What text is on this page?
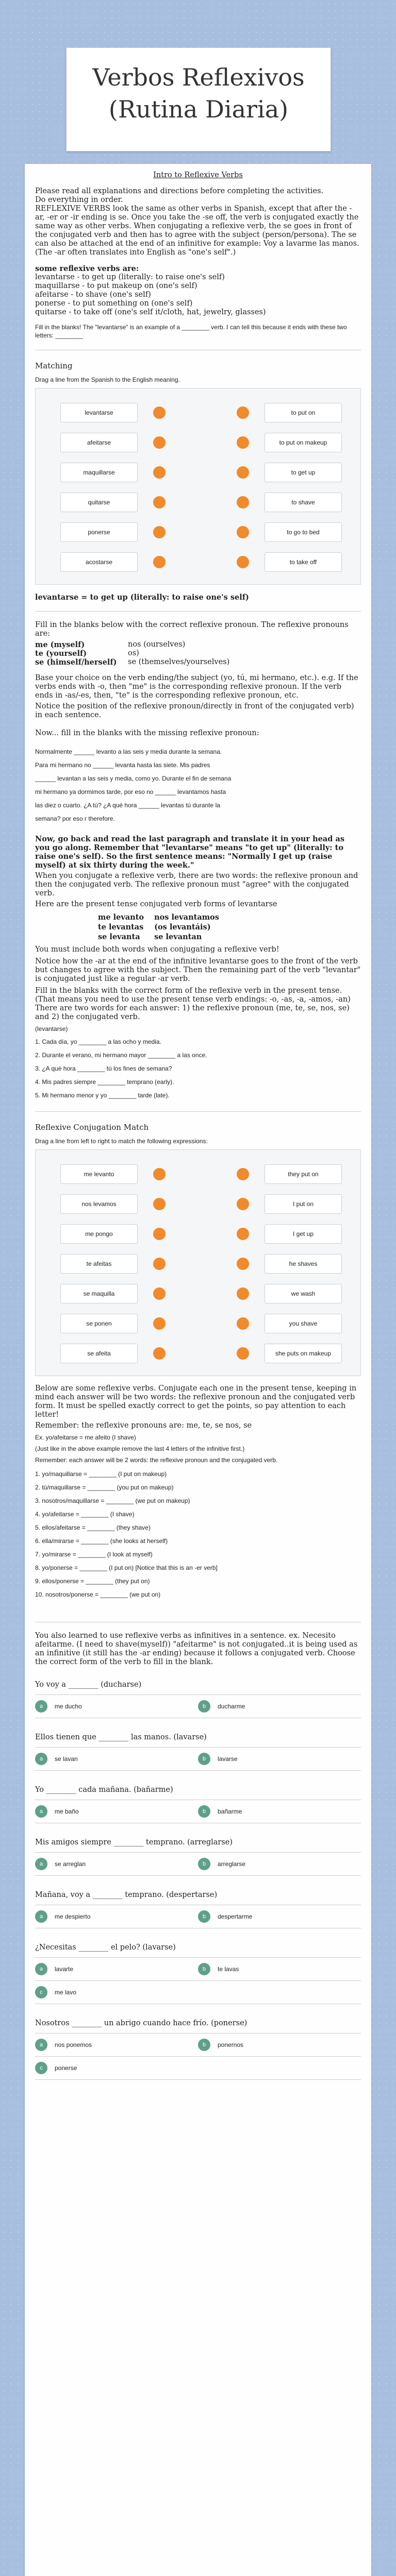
Verbos Reflexivos (Rutina Diaria)
Intro to Reflexive Verbs
Please read all explanations and directions before completing the activities.
Do everything in order.
REFLEXIVE VERBS look the same as other verbs in Spanish, except that after the -ar, -er or -ir ending is se. Once you take the -se off, the verb is conjugated exactly the same way as other verbs. When conjugating a reflexive verb, the se goes in front of the conjugated verb and then has to agree with the subject (person/persona). The se can also be attached at the end of an infinitive for example: Voy a lavarme las manos. (The -ar often translates into English as "one's self".)
some reflexive verbs are:
levantarse - to get up (literally: to raise one's self)
maquillarse - to put makeup on (one's self)
afeitarse - to shave (one's self)
ponerse - to put something on (one's self)
quitarse - to take off (one's self it/cloth, hat, jewelry, glasses)
Fill in the blanks! The "levantarse" is an example of a ________ verb. I can tell this because it ends with these two letters: ________
Matching
Drag a line from the Spanish to the English meaning.
levantarse	to put on
afeitarse	to put on makeup
maquillarse	to get up
quitarse	to shave
ponerse	to go to bed
acostarse	to take off
levantarse = to get up (literally: to raise one's self)
Fill in the blanks below with the correct reflexive pronoun. The reflexive pronouns are:
me (myself)	nos (ourselves)
te (yourself)	os)
se (himself/herself)	se (themselves/yourselves)
Base your choice on the verb ending/the subject (yo, tú, mi hermano, etc.). e.g. If the verbs ends with -o, then "me" is the corresponding reflexive pronoun. If the verb ends in -as/-es, then, "te" is the corresponding reflexive pronoun, etc.
Notice the position of the reflexive pronoun/directly in front of the conjugated verb) in each sentence.
Now... fill in the blanks with the missing reflexive pronoun:
Normalmente ______ levanto a las seis y media durante la semana.
Para mi hermano no ______ levanta hasta las siete. Mis padres
______ levantan a las seis y media, como yo. Durante el fin de semana
mi hermano ya dormimos tarde, por eso no ______ levantamos hasta
las diez o cuarto. ¿A tú? ¿A qué hora ______ levantas tú durante la
semana? por eso r therefore.
Now, go back and read the last paragraph and translate it in your head as you go along. Remember that "levantarse" means "to get up" (literally: to raise one's self). So the first sentence means: "Normally I get up (raise myself) at six thirty during the week."
When you conjugate a reflexive verb, there are two words: the reflexive pronoun and then the conjugated verb. The reflexive pronoun must "agree" with the conjugated verb.
Here are the present tense conjugated verb forms of levantarse
me levanto	nos levantamos
te levantas	(os levantáis)
se levanta	se levantan
You must include both words when conjugating a reflexive verb!
Notice how the -ar at the end of the infinitive levantarse goes to the front of the verb but changes to agree with the subject. Then the remaining part of the verb "levantar" is conjugated just like a regular -ar verb.
Fill in the blanks with the correct form of the reflexive verb in the present tense. (That means you need to use the present tense verb endings: -o, -as, -a, -amos, -an) There are two words for each answer: 1) the reflexive pronoun (me, te, se, nos, se) and 2) the conjugated verb.
(levantarse)
1. Cada día, yo ________ a las ocho y media.
2. Durante el verano, mi hermano mayor ________ a las once.
3. ¿A qué hora ________ tú los fines de semana?
4. Mis padres siempre ________ temprano (early).
5. Mi hermano menor y yo ________ tarde (late).
Reflexive Conjugation Match
Drag a line from left to right to match the following expressions:
me levanto	they put on
nos levamos	I put on
me pongo	I get up
te afeitas	he shaves
se maquilla	we wash
se ponen	you shave
se afeita	she puts on makeup
Below are some reflexive verbs. Conjugate each one in the present tense, keeping in mind each answer will be two words: the reflexive pronoun and the conjugated verb form. It must be spelled exactly correct to get the points, so pay attention to each letter!
Remember: the reflexive pronouns are: me, te, se nos, se
Ex. yo/afeitarse = me afeito (I shave)
(Just like in the above example remove the last 4 letters of the infinitive first.)
Remember: each answer will be 2 words: the reflexive pronoun and the conjugated verb.
1. yo/maquillarse = ________ (I put on makeup)
2. tú/maquillarse = ________ (you put on makeup)
3. nosotros/maquillarse = ________ (we put on makeup)
4. yo/afeitarse = ________ (I shave)
5. ellos/afeitarse = ________ (they shave)
6. ella/mirarse = ________ (she looks at herself)
7. yo/mirarse = ________ (I look at myself)
8. yo/ponerse = ________ (I put on) [Notice that this is an -er verb]
9. ellos/ponerse = ________ (they put on)
10. nosotros/ponerse = ________ (we put on)
You also learned to use reflexive verbs as infinitives in a sentence. ex. Necesito afeitarme. (I need to shave(myself)) "afeitarme" is not conjugated..it is being used as an infinitive (it still has the -ar ending) because it follows a conjugated verb. Choose the correct form of the verb to fill in the blank.
Yo voy a ________ (ducharse)
a	me ducho	b	ducharme
Ellos tienen que ________ las manos. (lavarse)
a	se lavan	b	lavarse
Yo ________ cada mañana. (bañarme)
a	me baño	b	bañarme
Mis amigos siempre ________ temprano. (arreglarse)
a	se arreglan	b	arreglarse
Mañana, voy a ________ temprano. (despertarse)
a	me despierto	b	despertarme
¿Necesitas ________ el pelo? (lavarse)
a	lavarte	b	te lavas
c	me lavo
Nosotros ________ un abrigo cuando hace frío. (ponerse)
a	nos ponemos	b	ponernos
c	ponerse
